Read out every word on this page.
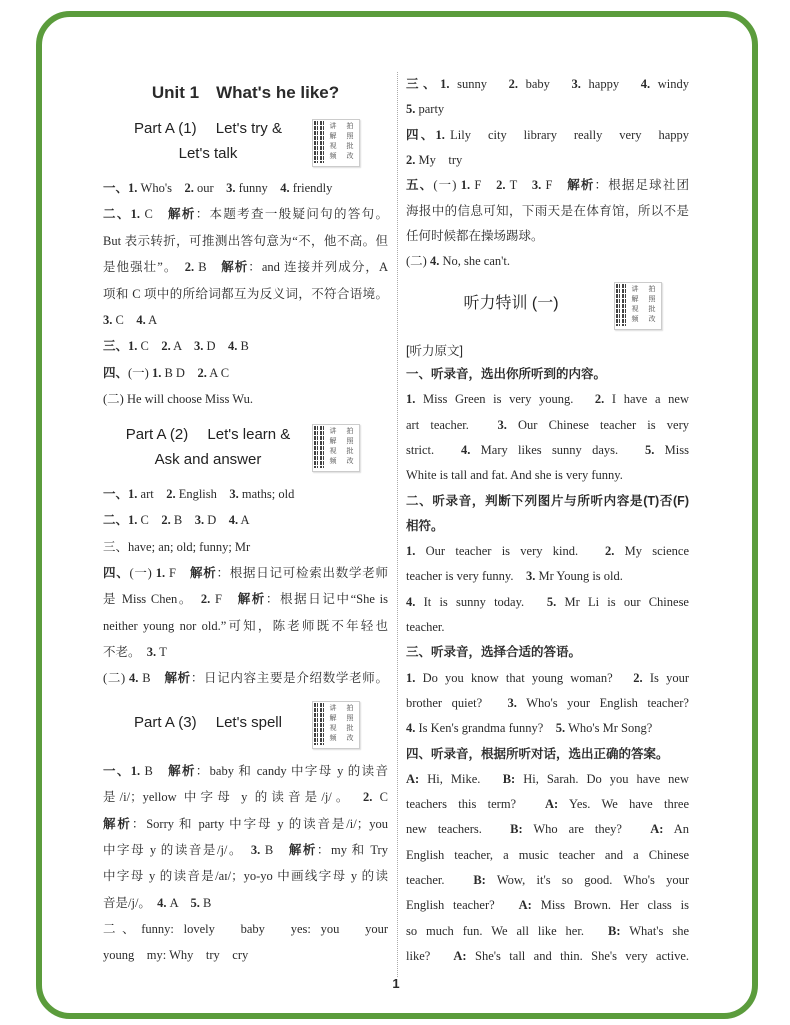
Unit 1　What's he like?
Part A (1)　 Let's try &
Let's talk
讲
解
视
频
拍
照
批
改
一、1. Who's　2. our　3. funny　4. friendly
二、1. C　解析：本题考查一般疑问句的答句。
But 表示转折，可推测出答句意为“不，他不高。但
是他强壮”。　2. B　解析：and 连接并列成分，A
项和 C 项中的所给词都互为反义词，不符合语境。
3. C　4. A
三、1. C　2. A　3. D　4. B
四、(一) 1. B D　2. A C
(二) He will choose Miss Wu.
Part A (2)　 Let's learn &
Ask and answer
讲
解
视
频
拍
照
批
改
一、1. art　2. English　3. maths; old
二、1. C　2. B　3. D　4. A
三、have; an; old; funny; Mr
四、(一) 1. F　解析：根据日记可检索出数学老师
是 Miss Chen。　2. F　解析：根据日记中“She is
neither young nor old.”可知，陈老师既不年轻也
不老。　3. T
(二) 4. B　解析：日记内容主要是介绍数学老师。
Part A (3)　 Let's spell
讲
解
视
频
拍
照
批
改
一、1. B　解析：baby 和 candy 中字母 y 的读音
是/i/；yellow 中字母 y 的读音是/j/。　2. C
解析：Sorry 和 party 中字母 y 的读音是/i/；you
中字母 y 的读音是/j/。　3. B　解析：my 和 Try
中字母 y 的读音是/aɪ/；yo-yo 中画线字母 y 的读
音是/j/。　4. A　5. B
二、funny: lovely　baby　yes: you　your
young　my: Why　try　cry
三、1. sunny　2. baby　3. happy　4. windy
5. party
四、1. Lily　city　library　really　very　happy
2. My　try
五、(一) 1. F　2. T　3. F　解析：根据足球社团
海报中的信息可知，下雨天是在体育馆，所以不是
任何时候都在操场踢球。
(二) 4. No, she can't.
听力特训 (一)
讲
解
视
频
拍
照
批
改
[听力原文]
一、听录音，选出你所听到的内容。
1. Miss Green is very young.　2. I have a new
art teacher.　3. Our Chinese teacher is very
strict.　4. Mary likes sunny days.　5. Miss
White is tall and fat. And she is very funny.
二、听录音，判断下列图片与所听内容是(T)否(F)
相符。
1. Our teacher is very kind.　2. My science
teacher is very funny.　3. Mr Young is old.
4. It is sunny today.　5. Mr Li is our Chinese
teacher.
三、听录音，选择合适的答语。
1. Do you know that young woman?　2. Is your
brother quiet?　3. Who's your English teacher?
4. Is Ken's grandma funny?　5. Who's Mr Song?
四、听录音，根据所听对话，选出正确的答案。
A: Hi, Mike.　B: Hi, Sarah. Do you have new
teachers this term?　A: Yes. We have three
new teachers.　B: Who are they?　A: An
English teacher, a music teacher and a Chinese
teacher.　B: Wow, it's so good. Who's your
English teacher?　A: Miss Brown. Her class is
so much fun. We all like her.　B: What's she
like?　A: She's tall and thin. She's very active.
1
